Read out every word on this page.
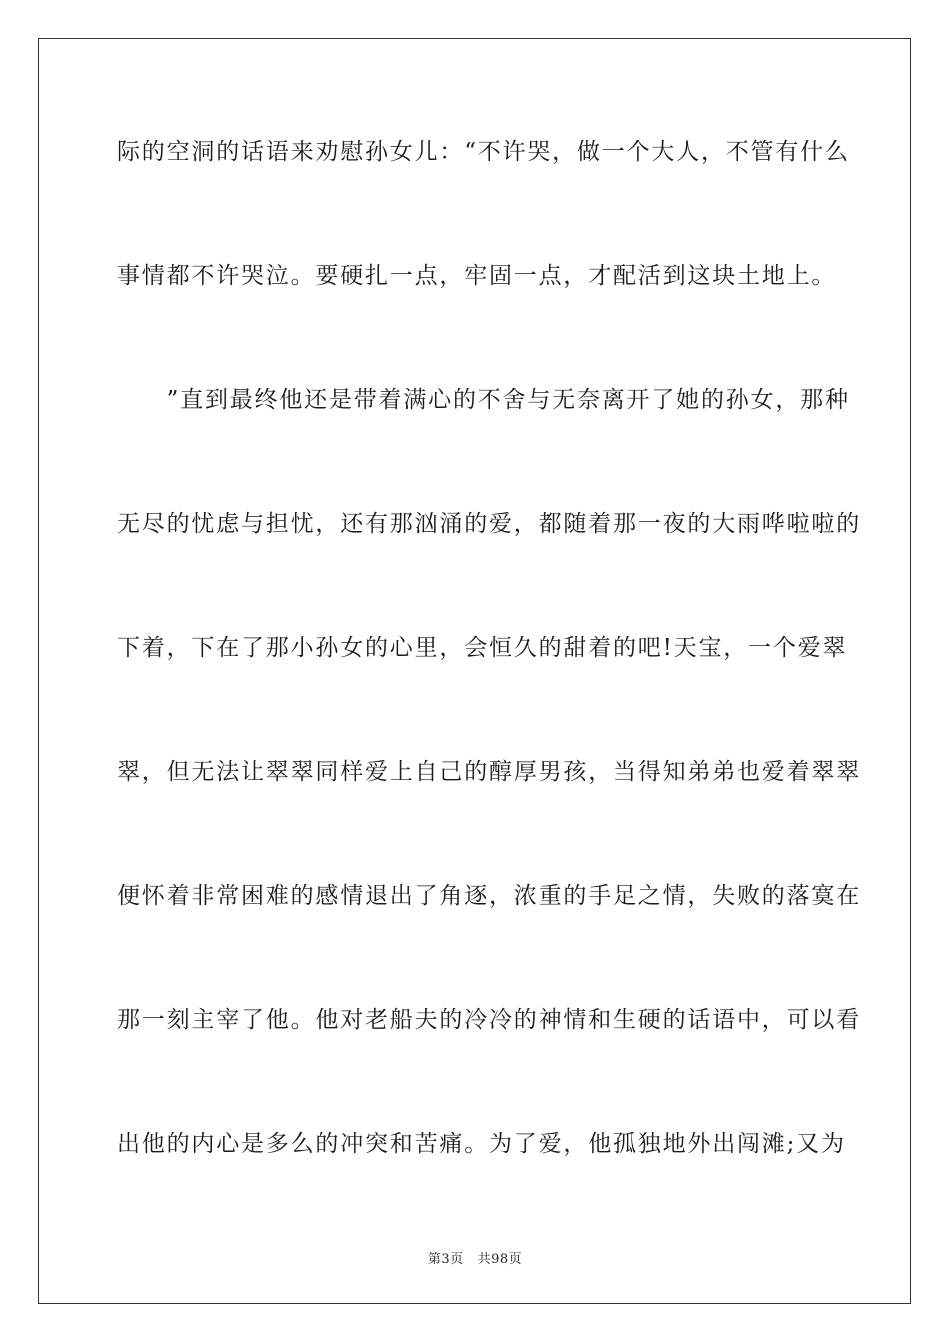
际的空洞的话语来劝慰孙女儿：“不许哭，做一个大人，不管有什么
事情都不许哭泣。要硬扎一点，牢固一点，才配活到这块土地上。
　　”直到最终他还是带着满心的不舍与无奈离开了她的孙女，那种
无尽的忧虑与担忧，还有那汹涌的爱，都随着那一夜的大雨哗啦啦的
下着，下在了那小孙女的心里，会恒久的甜着的吧!天宝，一个爱翠
翠，但无法让翠翠同样爱上自己的醇厚男孩，当得知弟弟也爱着翠翠
便怀着非常困难的感情退出了角逐，浓重的手足之情，失败的落寞在
那一刻主宰了他。他对老船夫的冷冷的神情和生硬的话语中，可以看
出他的内心是多么的冲突和苦痛。为了爱，他孤独地外出闯滩;又为
第3页 共98页
